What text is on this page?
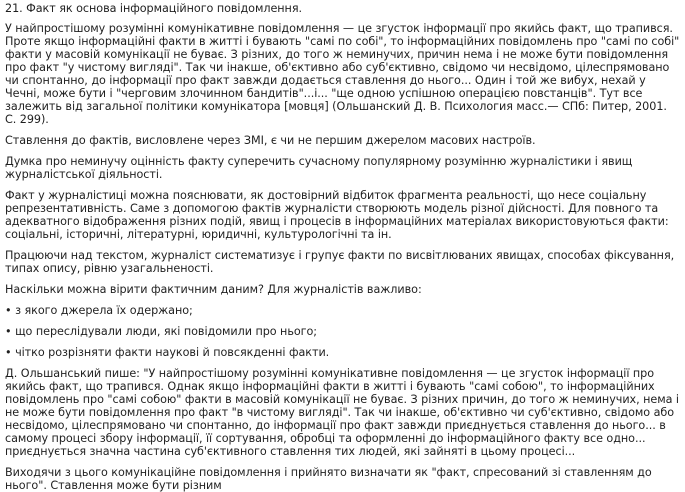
21. Факт як основа інформаційного повідомлення.
У найпростішому розумінні комунікативне повідомлення — це згусток інформації про якийсь факт, що трапився. Проте якщо інформаційні факти в житті і бувають "самі по собі", то інформаційних повідомлень про "самі по собі" факти у масовій комунікації не буває. З різних, до того ж неминучих, причин нема і не може бути повідомлення про факт "у чистому вигляді". Так чи інакше, об'єктивно або суб'єктивно, свідомо чи несвідомо, цілеспрямовано чи спонтанно, до інформації про факт завжди додається ставлення до нього... Один і той же вибух, нехай у Чечні, може бути і "черговим злочинном бандитів"...і... "ще одною успішною операцією повстанців". Тут все залежить від загальної політики комунікатора [мовця] (Ольшанский Д. В. Психология масс.— СПб: Питер, 2001. С. 299).
Ставлення до фактів, висловлене через ЗМІ, є чи не першим джерелом масових настроїв.
Думка про неминучу оцінність факту суперечить сучасному популярному розумінню журналістики і явищ журналістської діяльності.
Факт у журналістиці можна пояснювати, як достовірний відбиток фрагмента реальності, що несе соціальну репрезентативність. Саме з допомогою фактів журналісти створюють модель різної дійсності. Для повного та адекватного відображення різних подій, явищ і процесів в інформаційних матеріалах використовуються факти: соціальні, історичні, літературні, юридичні, культурологічні та ін.
Працюючи над текстом, журналіст систематизує і групує факти по висвітлюваних явищах, способах фіксування, типах опису, рівню узагальненості.
Наскільки можна вірити фактичним даним? Для журналістів важливо:
• з якого джерела їх одержано;
• що переслідували люди, які повідомили про нього;
• чітко розрізняти факти наукові й повсякденні факти.
Д. Ольшанський пише: "У найпростішому розумінні комунікативне повідомлення — це згусток інформації про якийсь факт, що трапився. Однак якщо інформаційні факти в житті і бувають "самі собою", то інформаційних повідомлень про "самі собою" факти в масовій комунікації не буває. З різних причин, до того ж неминучих, нема і не може бути повідомлення про факт "в чистому вигляді". Так чи інакше, об'єктивно чи суб'єктивно, свідомо або несвідомо, цілеспрямовано чи спонтанно, до інформації про факт завжди приєднується ставлення до нього... в самому процесі збору інформації, її сортування, обробці та оформленні до інформаційного факту все одно... приєднується значна частина суб'єктивного ставлення тих людей, які зайняті в цьому процесі...
Виходячи з цього комунікаційне повідомлення і прийнято визначати як "факт, спресований зі ставленням до нього". Ставлення може бути різним
